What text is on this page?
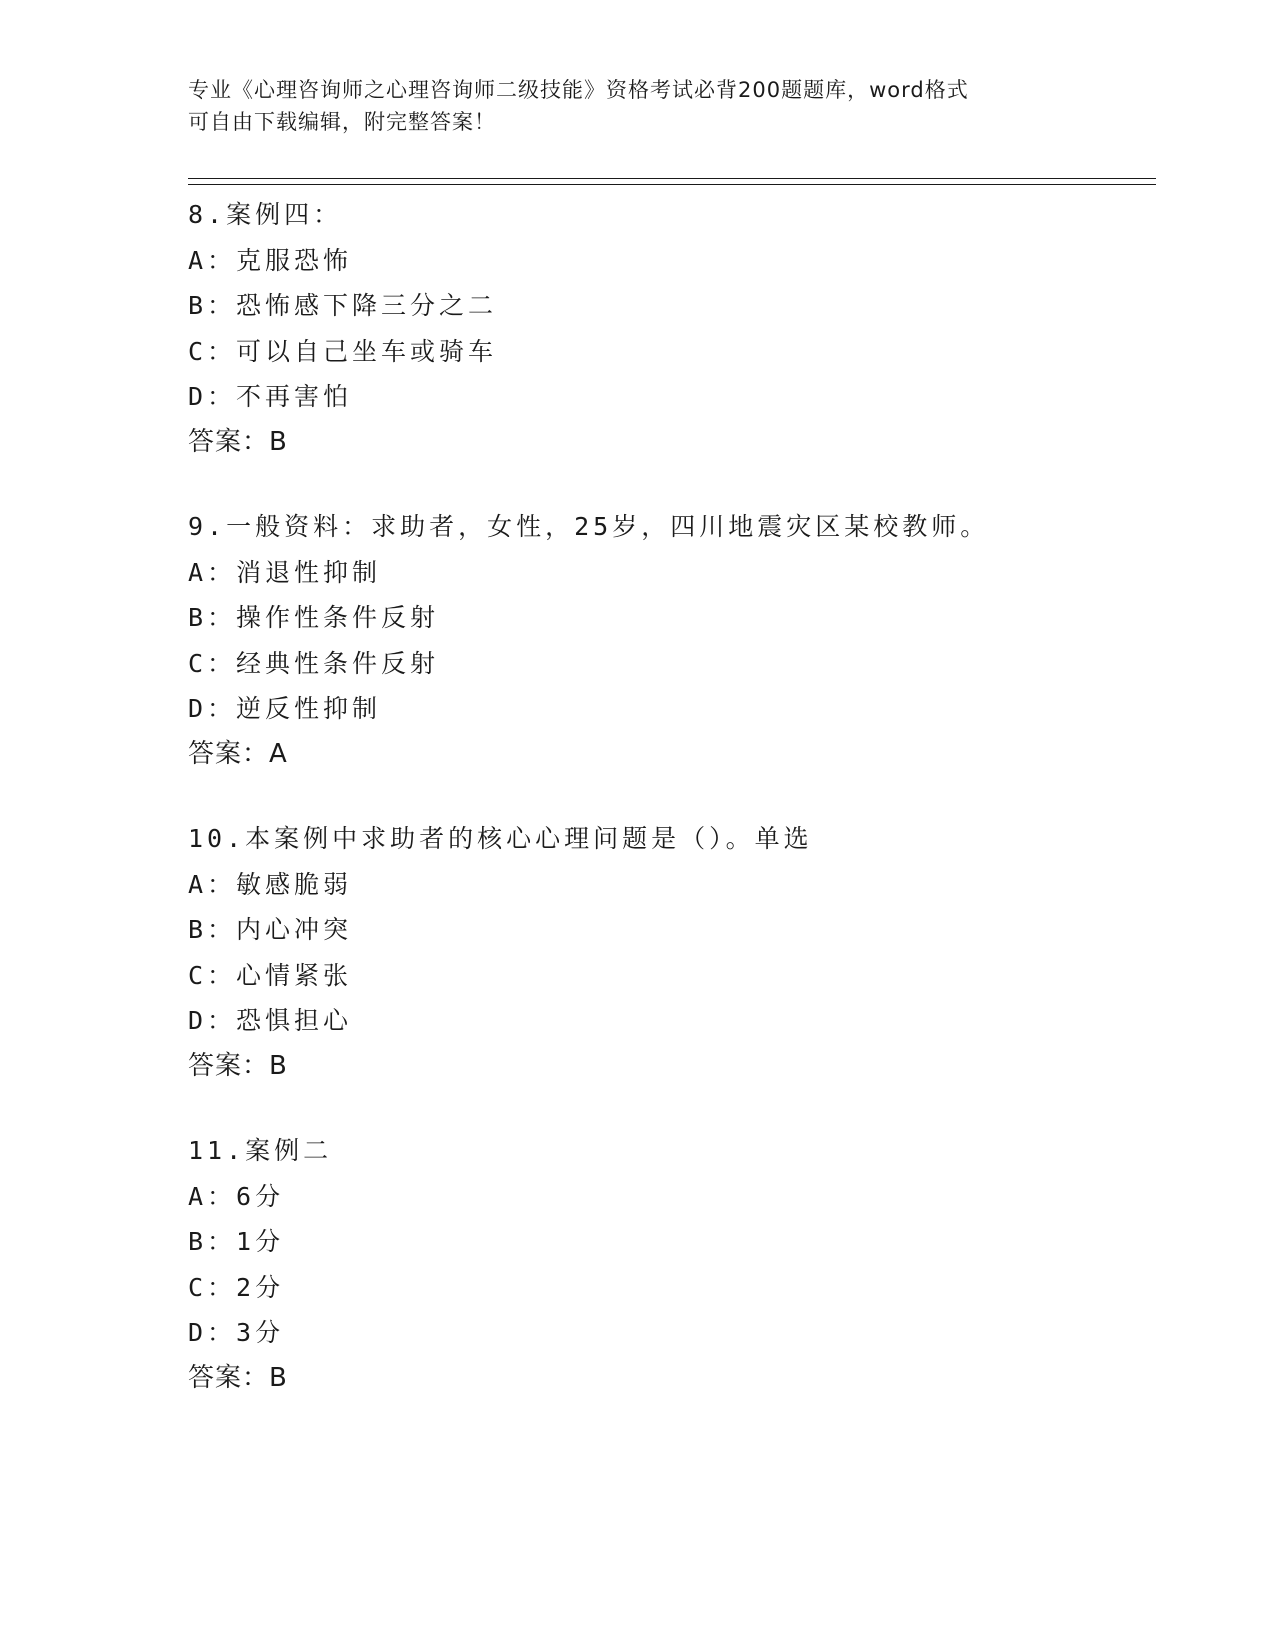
专业《心理咨询师之心理咨询师二级技能》资格考试必背200题题库，word格式
可自由下载编辑，附完整答案！
8.案例四：
A：克服恐怖
B：恐怖感下降三分之二
C：可以自己坐车或骑车
D：不再害怕
答案：B
9.一般资料：求助者，女性，25岁，四川地震灾区某校教师。
A：消退性抑制
B：操作性条件反射
C：经典性条件反射
D：逆反性抑制
答案：A
10.本案例中求助者的核心心理问题是（）。单选
A：敏感脆弱
B：内心冲突
C：心情紧张
D：恐惧担心
答案：B
11.案例二
A：6分
B：1分
C：2分
D：3分
答案：B
